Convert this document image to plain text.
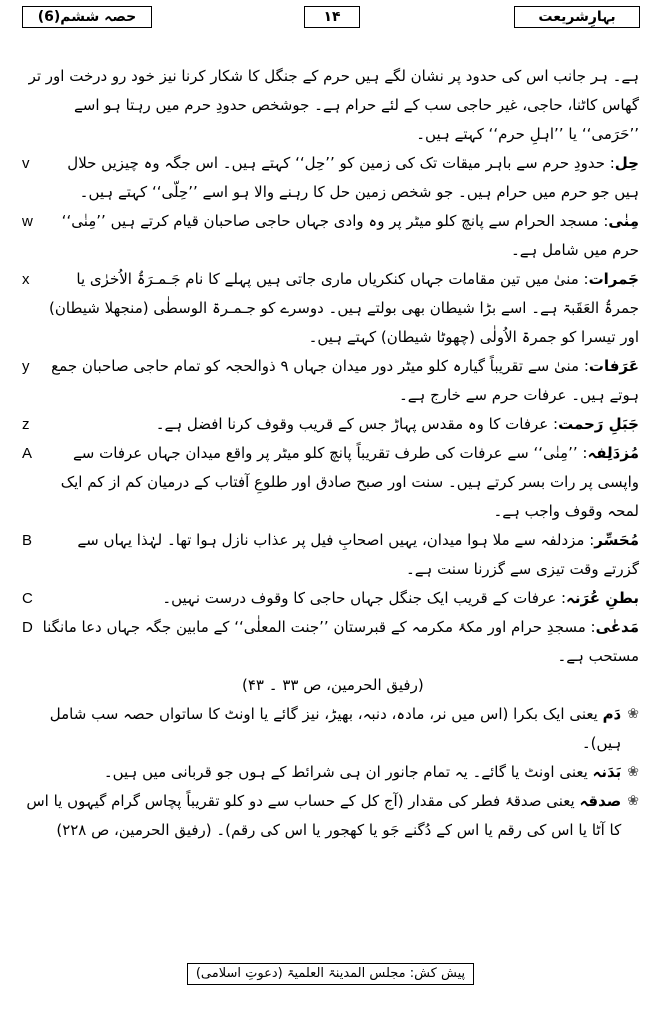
حصہ ششم(6)	۱۴	بہارِشریعت

ہے۔ ہر جانب اس کی حدود پر نشان لگے ہیں حرم کے جنگل کا شکار کرنا نیز خود رو درخت اور تر گھاس کاٹنا، حاجی، غیر حاجی سب کے لئے حرام ہے۔ جوشخص حدودِ حرم میں رہتا ہو اسے ’’حَرَمی‘‘ یا ’’اہلِ حرم‘‘ کہتے ہیں۔

حِل: حدودِ حرم سے باہر میقات تک کی زمین کو ’’حِل‘‘ کہتے ہیں۔ اس جگہ وہ چیزیں حلال ہیں جو حرم میں حرام ہیں۔ جو شخص زمین حل کا رہنے والا ہو اسے ’’حِلّی‘‘ کہتے ہیں۔
v
مِنٰی: مسجد الحرام سے پانچ کلو میٹر پر وہ وادی جہاں حاجی صاحبان قیام کرتے ہیں ’’مِنٰی‘‘ حرم میں شامل ہے۔
w
جَمرات: منیٰ میں تین مقامات جہاں کنکریاں ماری جاتی ہیں پہلے کا نام جَـمـرَۃُ الاُخرٰی یا جمرۃُ العَقَبۃ ہے۔ اسے بڑا شیطان بھی بولتے ہیں۔ دوسرے کو جـمـرۃ الوسطٰی (منجھلا شیطان) اور تیسرا کو جمرۃ الاُولٰی (چھوٹا شیطان) کہتے ہیں۔
x
عَرَفات: منیٰ سے تقریباً گیارہ کلو میٹر دور میدان جہاں ۹ ذوالحجہ کو تمام حاجی صاحبان جمع ہوتے ہیں۔ عرفات حرم سے خارج ہے۔
y
جَبَلِ رَحمت: عرفات کا وہ مقدس پہاڑ جس کے قریب وقوف کرنا افضل ہے۔
z
مُزدَلِفہ: ’’مِنٰی‘‘ سے عرفات کی طرف تقریباً پانچ کلو میٹر پر واقع میدان جہاں عرفات سے واپسی پر رات بسر کرتے ہیں۔ سنت اور صبح صادق اور طلوعِ آفتاب کے درمیان کم از کم ایک لمحہ وقوف واجب ہے۔
A
مُحَسِّر: مزدلفہ سے ملا ہوا میدان، یہیں اصحابِ فیل پر عذاب نازل ہوا تھا۔ لہٰذا یہاں سے گزرتے وقت تیزی سے گزرنا سنت ہے۔
B
بطنِ عُرَنہ: عرفات کے قریب ایک جنگل جہاں حاجی کا وقوف درست نہیں۔
C
مَدعٰی: مسجدِ حرام اور مکۂ مکرمہ کے قبرستان ’’جنت المعلٰی‘‘ کے مابین جگہ جہاں دعا مانگنا مستحب ہے۔
D

(رفیق الحرمین، ص ۳۳ ۔ ۴۳)

❀
دَم یعنی ایک بکرا (اس میں نر، مادہ، دنبہ، بھیڑ، نیز گائے یا اونٹ کا ساتواں حصہ سب شامل ہیں)۔
❀
بَدَنہ یعنی اونٹ یا گائے۔ یہ تمام جانور ان ہی شرائط کے ہوں جو قربانی میں ہیں۔
❀
صدقہ یعنی صدقۂ فطر کی مقدار (آج کل کے حساب سے دو کلو تقریباً پچاس گرام گیہوں یا اس کا آٹا یا اس کی رقم یا اس کے دُگنے جَو یا کھجور یا اس کی رقم)۔ (رفیق الحرمین، ص ۲۲۸)
پیش کش: مجلس المدینۃ العلمیۃ (دعوتِ اسلامی)
